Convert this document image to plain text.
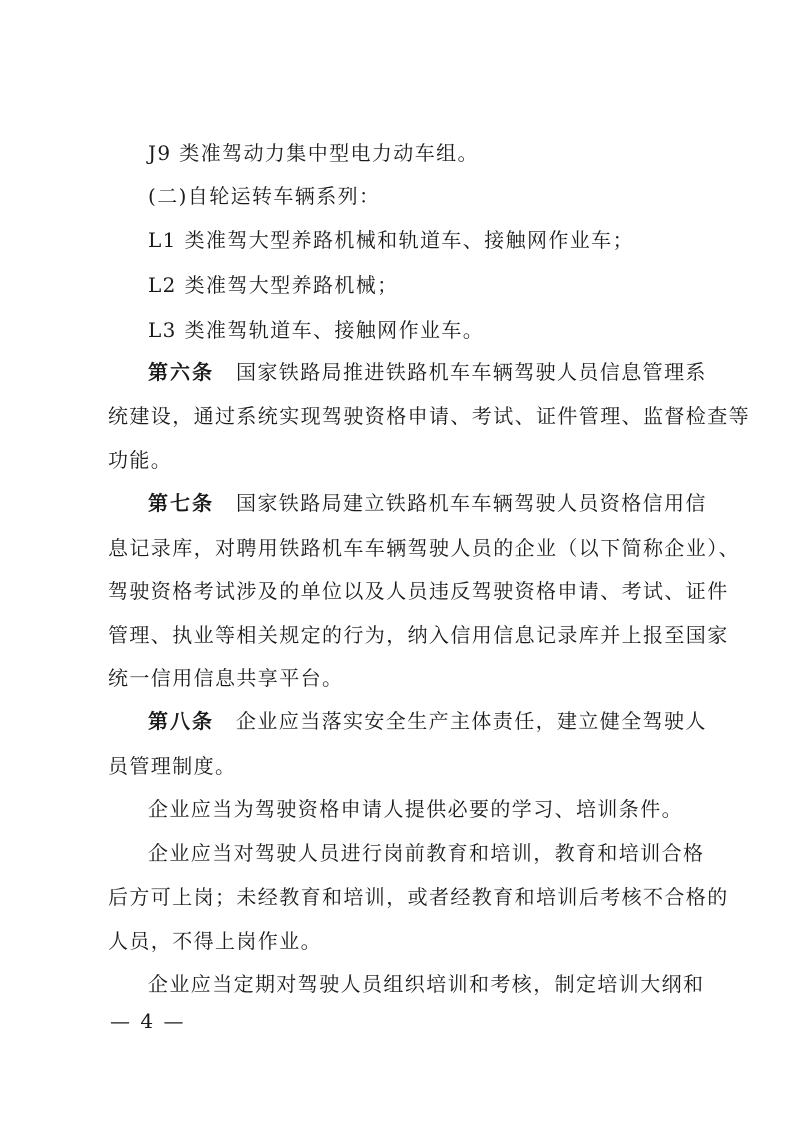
J9 类准驾动力集中型电力动车组。
(二)自轮运转车辆系列：
L1 类准驾大型养路机械和轨道车、接触网作业车；
L2 类准驾大型养路机械；
L3 类准驾轨道车、接触网作业车。
第六条 国家铁路局推进铁路机车车辆驾驶人员信息管理系
统建设，通过系统实现驾驶资格申请、考试、证件管理、监督检查等
功能。
第七条 国家铁路局建立铁路机车车辆驾驶人员资格信用信
息记录库，对聘用铁路机车车辆驾驶人员的企业（以下简称企业）、
驾驶资格考试涉及的单位以及人员违反驾驶资格申请、考试、证件
管理、执业等相关规定的行为，纳入信用信息记录库并上报至国家
统一信用信息共享平台。
第八条 企业应当落实安全生产主体责任，建立健全驾驶人
员管理制度。
企业应当为驾驶资格申请人提供必要的学习、培训条件。
企业应当对驾驶人员进行岗前教育和培训，教育和培训合格
后方可上岗；未经教育和培训，或者经教育和培训后考核不合格的
人员，不得上岗作业。
企业应当定期对驾驶人员组织培训和考核，制定培训大纲和
— 4 —
